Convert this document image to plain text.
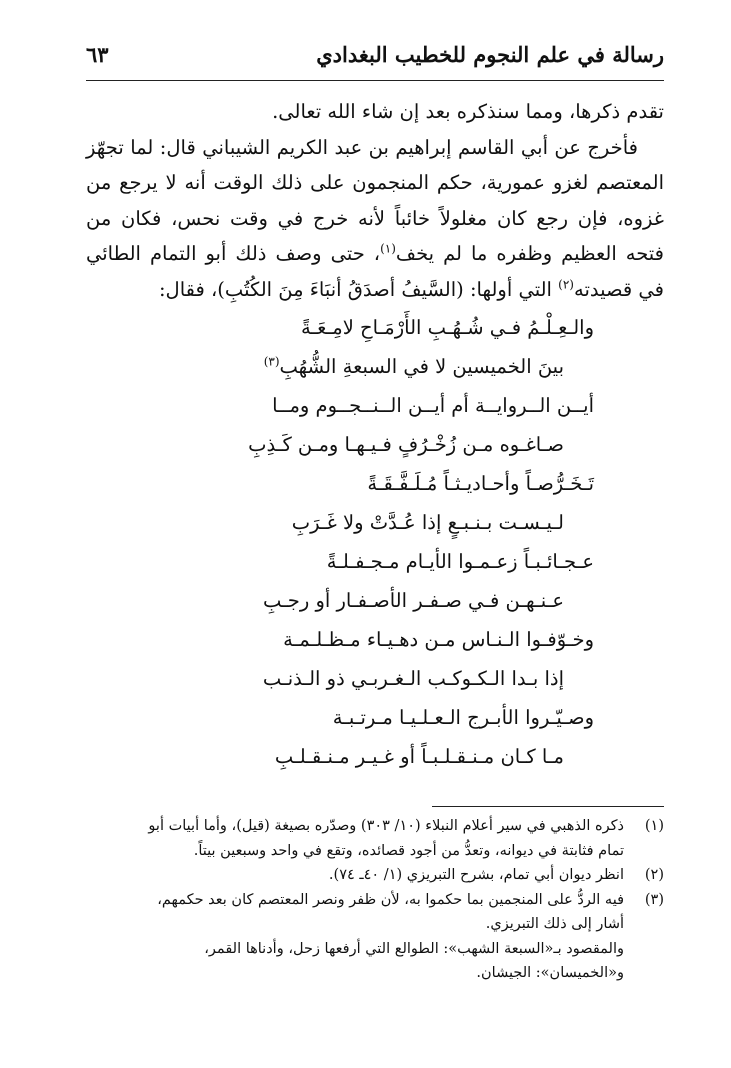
رسالة في علم النجوم للخطيب البغدادي
٦٣

تقدم ذكرها، ومما سنذكره بعد إن شاء الله تعالى.

فأخرج عن أبي القاسم إبراهيم بن عبد الكريم الشيباني قال: لما تجهّز المعتصم لغزو عمورية، حكم المنجمون على ذلك الوقت أنه لا يرجع من غزوه، فإن رجع كان مغلولاً خائباً لأنه خرج في وقت نحس، فكان من فتحه العظيم وظفره ما لم يخف$^{(١)}$، حتى وصف ذلك أبو التمام الطائي في قصيدته$^{(٢)}$ التي أولها: (السَّيفُ أصدَقُ أنبَاءَ مِنَ الكُتُبِ)، فقال:

والـعِـلْـمُ فـي شُـهُـبِ الأَرْمَـاحِ لامِـعَـةً
بينَ الخميسين لا في السبعةِ الشُّهُبِ$^{(٣)}$
أيــن الــروايــة أم أيــن الــنــجــوم ومــا
صـاغـوه مـن زُخْـرُفٍ فـيـهـا ومـن كَـذِبِ
تَـخَـرُّصـاً وأحـاديـثـاً مُـلَـفَّـقَـةً
لـيـسـت بـنـبـعٍ إذا عُـدَّتْ ولا غَـرَبِ
عـجـائـبـاً زعـمـوا الأيـام مـجـفـلـةً
عـنـهـن فـي صـفـر الأصـفـار أو رجـبِ
وخـوّفـوا الـنـاس مـن دهـيـاء مـظـلـمـة
إذا بـدا الـكـوكـب الـغـربـي ذو الـذنـب
وصـيّـروا الأبـرج الـعـلـيـا مـرتـبـة
مـا كـان مـنـقـلـبـاً أو غـيـر مـنـقـلـبِ
(١)
ذكره الذهبي في سير أعلام النبلاء (١٠/ ٣٠٣) وصدّره بصيغة (قيل)، وأما أبيات أبو
تمام فثابتة في ديوانه، وتعدُّ من أجود قصائده، وتقع في واحد وسبعين بيتاً.
(٢)
انظر ديوان أبي تمام، بشرح التبريزي (١/ ٤٠ـ ٧٤).
(٣)
فيه الردُّ على المنجمين بما حكموا به، لأن ظفر ونصر المعتصم كان بعد حكمهم،
أشار إلى ذلك التبريزي.
والمقصود بـ«السبعة الشهب»: الطوالع التي أرفعها زحل، وأدناها القمر،
و«الخميسان»: الجيشان.
